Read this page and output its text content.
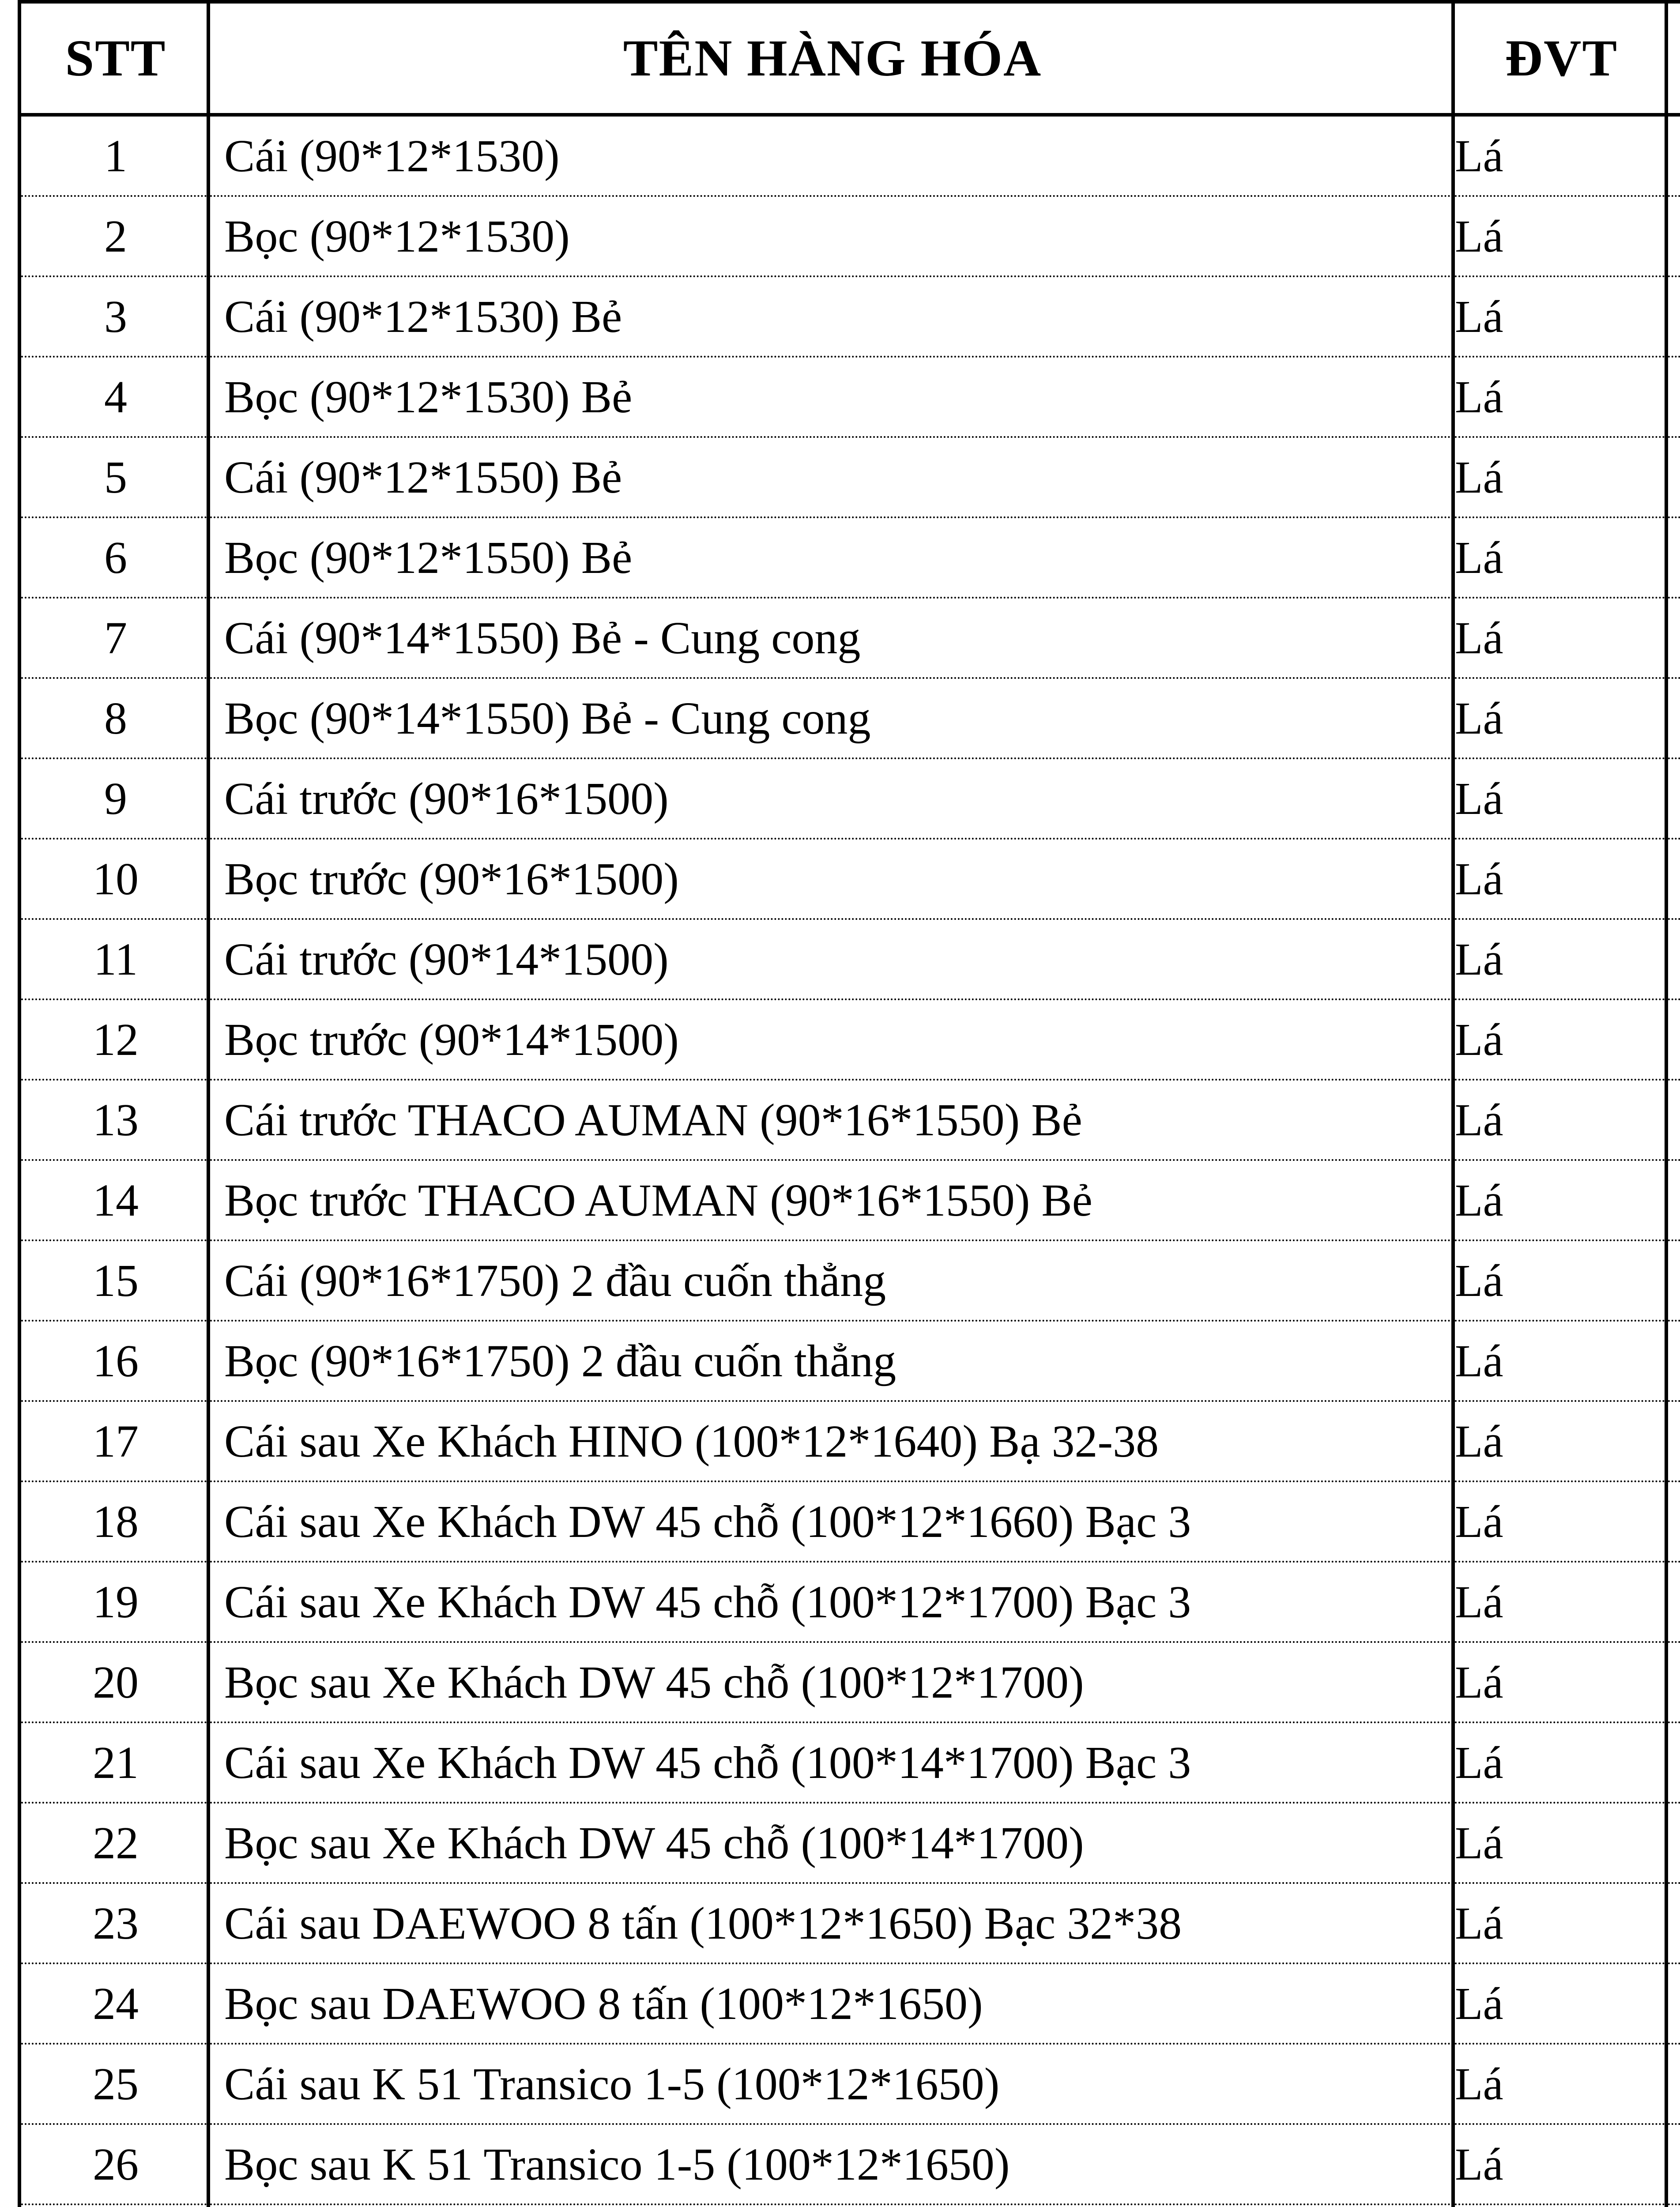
STT	TÊN HÀNG HÓA	ĐVT	
1	Cái (90*12*1530)	Lá	
2	Bọc (90*12*1530)	Lá	
3	Cái (90*12*1530) Bẻ	Lá	
4	Bọc (90*12*1530) Bẻ	Lá	
5	Cái (90*12*1550) Bẻ	Lá	
6	Bọc (90*12*1550) Bẻ	Lá	
7	Cái (90*14*1550) Bẻ - Cung cong	Lá	
8	Bọc (90*14*1550) Bẻ - Cung cong	Lá	
9	Cái trước (90*16*1500)	Lá	
10	Bọc trước (90*16*1500)	Lá	
11	Cái trước (90*14*1500)	Lá	
12	Bọc trước (90*14*1500)	Lá	
13	Cái trước THACO AUMAN (90*16*1550) Bẻ	Lá	
14	Bọc trước THACO AUMAN (90*16*1550) Bẻ	Lá	
15	Cái (90*16*1750) 2 đầu cuốn thẳng	Lá	
16	Bọc (90*16*1750) 2 đầu cuốn thẳng	Lá	
17	Cái sau Xe Khách HINO (100*12*1640) Bạ 32-38	Lá	
18	Cái sau Xe Khách DW 45 chỗ (100*12*1660) Bạc 3	Lá	
19	Cái sau Xe Khách DW 45 chỗ (100*12*1700) Bạc 3	Lá	
20	Bọc sau Xe Khách DW 45 chỗ (100*12*1700)	Lá	
21	Cái sau Xe Khách DW 45 chỗ (100*14*1700) Bạc 3	Lá	
22	Bọc sau Xe Khách DW 45 chỗ (100*14*1700)	Lá	
23	Cái sau DAEWOO 8 tấn (100*12*1650) Bạc 32*38	Lá	
24	Bọc sau DAEWOO 8 tấn (100*12*1650)	Lá	
25	Cái sau K 51 Transico 1-5 (100*12*1650)	Lá	
26	Bọc sau K 51 Transico 1-5 (100*12*1650)	Lá	
